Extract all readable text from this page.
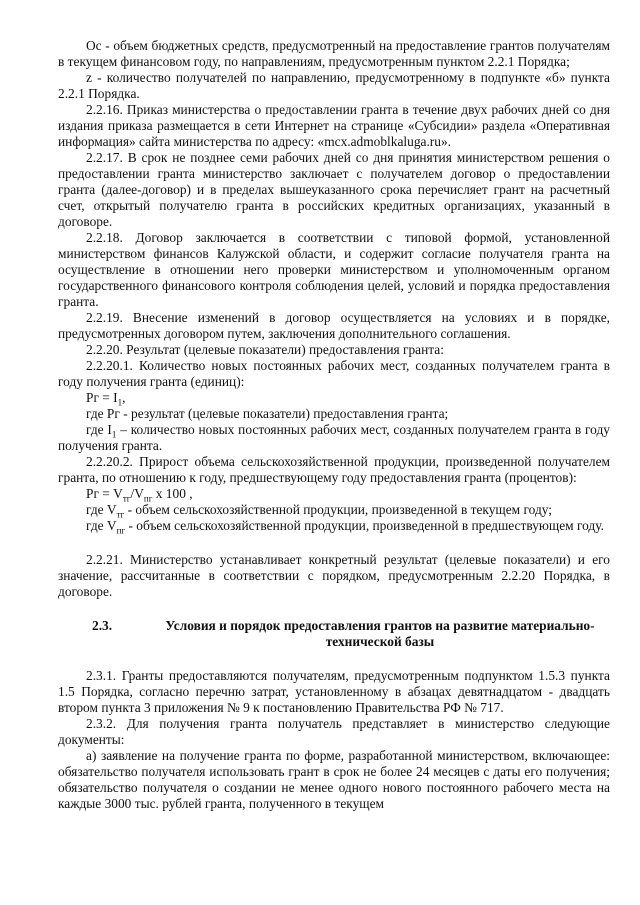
Ос - объем бюджетных средств, предусмотренный на предоставление грантов получателям в текущем финансовом году, по направлениям, предусмотренным пунктом 2.2.1 Порядка;

z - количество получателей по направлению, предусмотренному в подпункте «б» пункта 2.2.1 Порядка.

2.2.16. Приказ министерства о предоставлении гранта в течение двух рабочих дней со дня издания приказа размещается в сети Интернет на странице «Субсидии» раздела «Оперативная информация» сайта министерства по адресу: «mcx.admoblkaluga.ru».

2.2.17. В срок не позднее семи рабочих дней со дня принятия министерством решения о предоставлении гранта министерство заключает с получателем договор о предоставлении гранта (далее-договор) и в пределах вышеуказанного срока перечисляет грант на расчетный счет, открытый получателю гранта в российских кредитных организациях, указанный в договоре.

2.2.18. Договор заключается в соответствии с типовой формой, установленной министерством финансов Калужской области, и содержит согласие получателя гранта на осуществление в отношении него проверки министерством и уполномоченным органом государственного финансового контроля соблюдения целей, условий и порядка предоставления гранта.

2.2.19. Внесение изменений в договор осуществляется на условиях и в порядке, предусмотренных договором путем, заключения дополнительного соглашения.

2.2.20. Результат (целевые показатели) предоставления гранта:

2.2.20.1. Количество новых постоянных рабочих мест, созданных получателем гранта в году получения гранта (единиц):

Рг = $I_1$,

где Рг - результат (целевые показатели) предоставления гранта;

где $I_1$ – количество новых постоянных рабочих мест, созданных получателем гранта в году получения гранта.

2.2.20.2. Прирост объема сельскохозяйственной продукции, произведенной получателем гранта, по отношению к году, предшествующему году предоставления гранта (процентов):

Рг = $V_{тг}/V_{пг}$ x 100 ,

где $V_{тг}$ - объем сельскохозяйственной продукции, произведенной в текущем году;

где $V_{пг}$ - объем сельскохозяйственной продукции, произведенной в предшествующем году.

2.2.21. Министерство устанавливает конкретный результат (целевые показатели) и его значение, рассчитанные в соответствии с порядком, предусмотренным 2.2.20 Порядка, в договоре.

2.3.	Условия и порядок предоставления грантов на развитие материально-технической базы

2.3.1. Гранты предоставляются получателям, предусмотренным подпунктом 1.5.3 пункта 1.5 Порядка, согласно перечню затрат, установленному в абзацах девятнадцатом - двадцать втором пункта 3 приложения № 9 к постановлению Правительства РФ № 717.

2.3.2. Для получения гранта получатель представляет в министерство следующие документы:

а) заявление на получение гранта по форме, разработанной министерством, включающее: обязательство получателя использовать грант в срок не более 24 месяцев с даты его получения; обязательство получателя о создании не менее одного нового постоянного рабочего места на каждые 3000 тыс. рублей гранта, полученного в текущем
